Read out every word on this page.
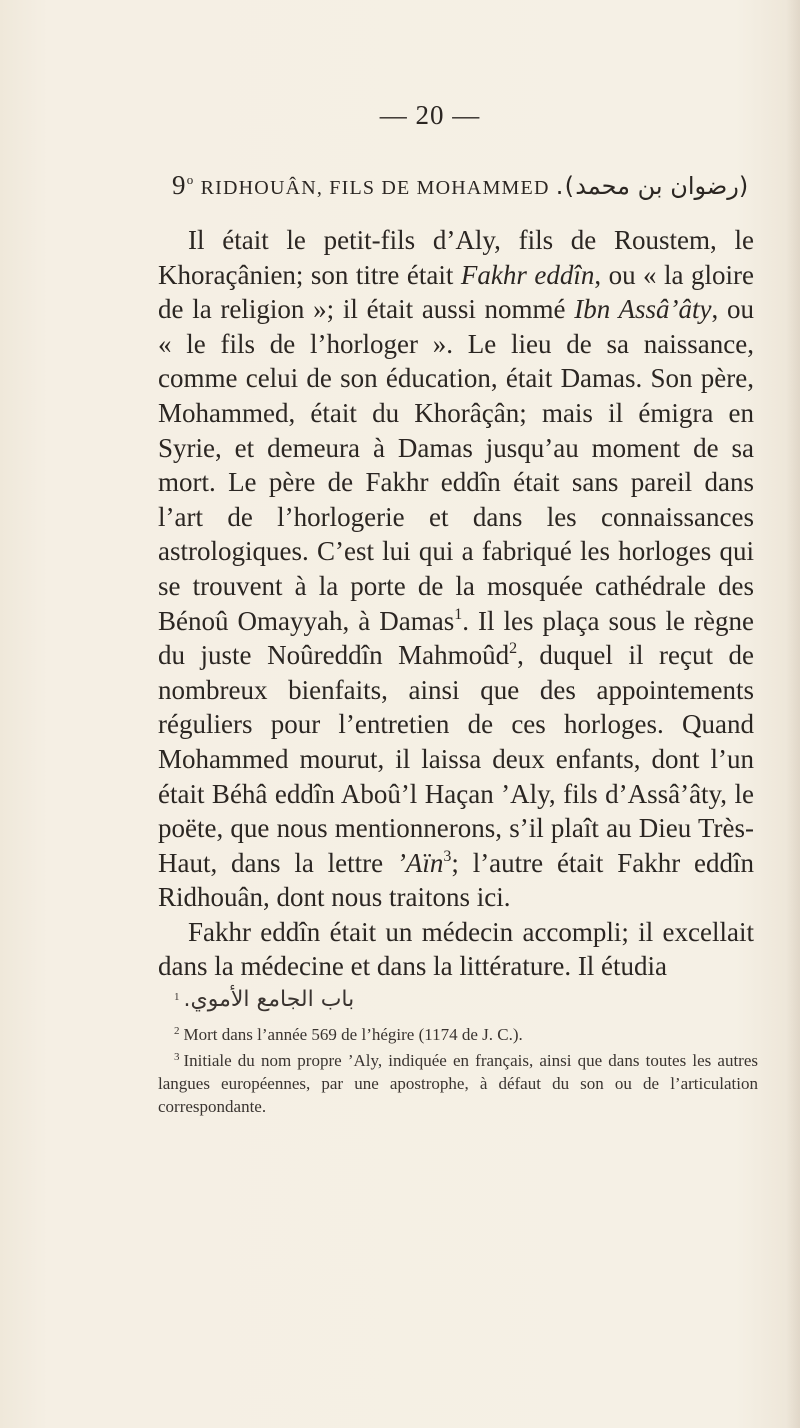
— 20 —
9$^o$ RIDHOUÂN, FILS DE MOHAMMED (رضوان بن محمد).

Il était le petit-fils d’Aly, fils de Roustem, le Khoraçânien; son titre était Fakhr eddîn, ou « la gloire de la religion »; il était aussi nommé Ibn Assâ’âty, ou « le fils de l’horloger ». Le lieu de sa naissance, comme celui de son éducation, était Damas. Son père, Mohammed, était du Khorâçân; mais il émigra en Syrie, et demeura à Damas jusqu’au moment de sa mort. Le père de Fakhr eddîn était sans pareil dans l’art de l’horlogerie et dans les connaissances astrologiques. C’est lui qui a fabriqué les horloges qui se trouvent à la porte de la mosquée cathédrale des Bénoû Omayyah, à Damas$^1$. Il les plaça sous le règne du juste Noûreddîn Mahmoûd$^2$, duquel il reçut de nombreux bienfaits, ainsi que des appointements réguliers pour l’entretien de ces horloges. Quand Mohammed mourut, il laissa deux enfants, dont l’un était Béhâ eddîn Aboû’l Haçan ’Aly, fils d’Assâ’âty, le poëte, que nous mentionnerons, s’il plaît au Dieu Très-Haut, dans la lettre ’Aïn$^3$; l’autre était Fakhr eddîn Ridhouân, dont nous traitons ici.

Fakhr eddîn était un médecin accompli; il excellait dans la médecine et dans la littérature. Il étudia

$^1$ باب الجامع الأموي.

$^2$ Mort dans l’année 569 de l’hégire (1174 de J. C.).

$^3$ Initiale du nom propre ’Aly, indiquée en français, ainsi que dans toutes les autres langues européennes, par une apostrophe, à défaut du son ou de l’articulation correspondante.
